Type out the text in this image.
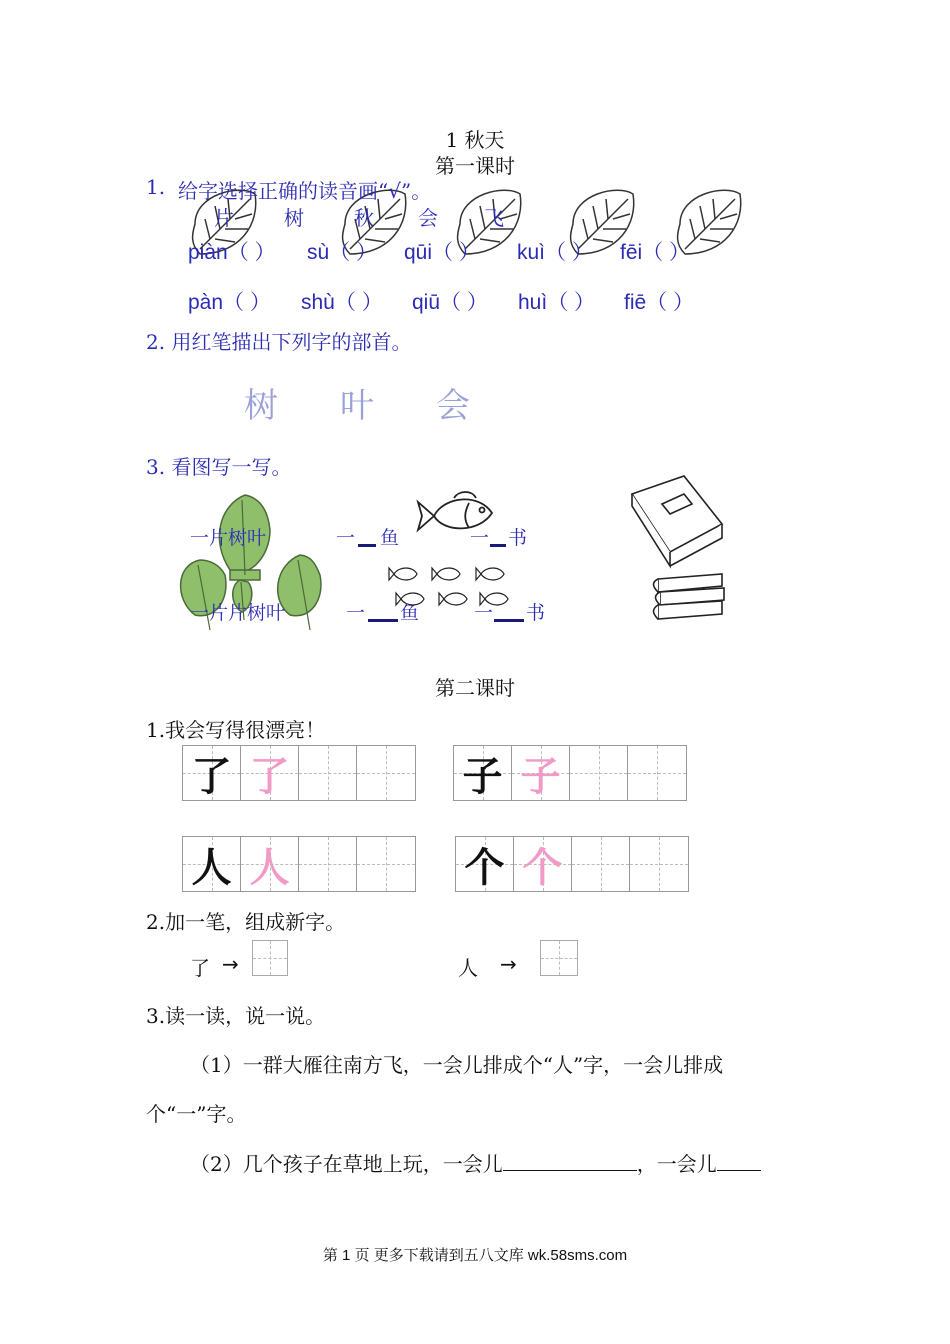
1 秋天
第一课时
1. 给字选择正确的读音画“√”。
片	树	秋 会 飞
piàn（ ） sù（ ） qūi（ ） kuì（ ） fēi（ ）
pàn（ ） shù（ ） qiū（ ） huì（ ） fiē（ ）
2. 用红笔描出下列字的部首。
树 叶 会
3. 看图写一写。
一片树叶	一 鱼	一 书
一片片树叶	一 鱼	一 书
第二课时
1.我会写得很漂亮！
了 了	子 子
人 人	个 个
2.加一笔，组成新字。
了 →	人 →
3.读一读，说一说。
（1）一群大雁往南方飞，一会儿排成个“人”字，一会儿排成
个“一”字。
（2）几个孩子在草地上玩，一会儿	，一会儿
第 1 页 更多下载请到五八文库 wk.58sms.com
